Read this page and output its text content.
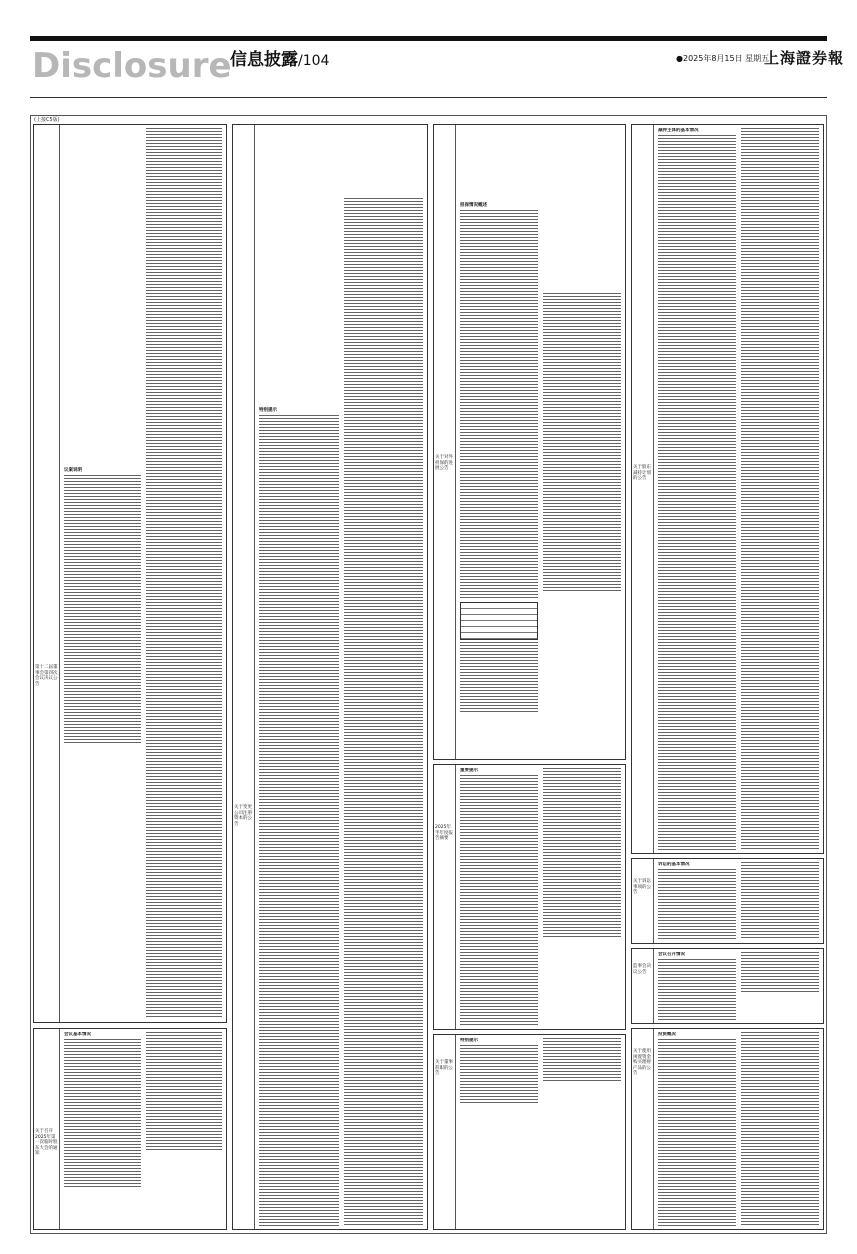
Disclosure
信息披露/104	●2025年8月15日 星期五
上海證券報
(上接C5版)
第十二届董事会第四次会议决议公告
议案说明
关于召开2025年第一次临时股东大会的通知
会议基本情况
关于变更公司注册资本的公告
特别提示
关于对外担保的进展公告
担保情况概述
2025年半年度报告摘要
重要提示
关于董事辞职的公告
特别提示
关于股东减持计划的公告
减持主体的基本情况
关于诉讼事项的公告
诉讼的基本情况
监事会决议公告
会议召开情况
关于使用闲置资金购买理财产品的公告
投资概况
